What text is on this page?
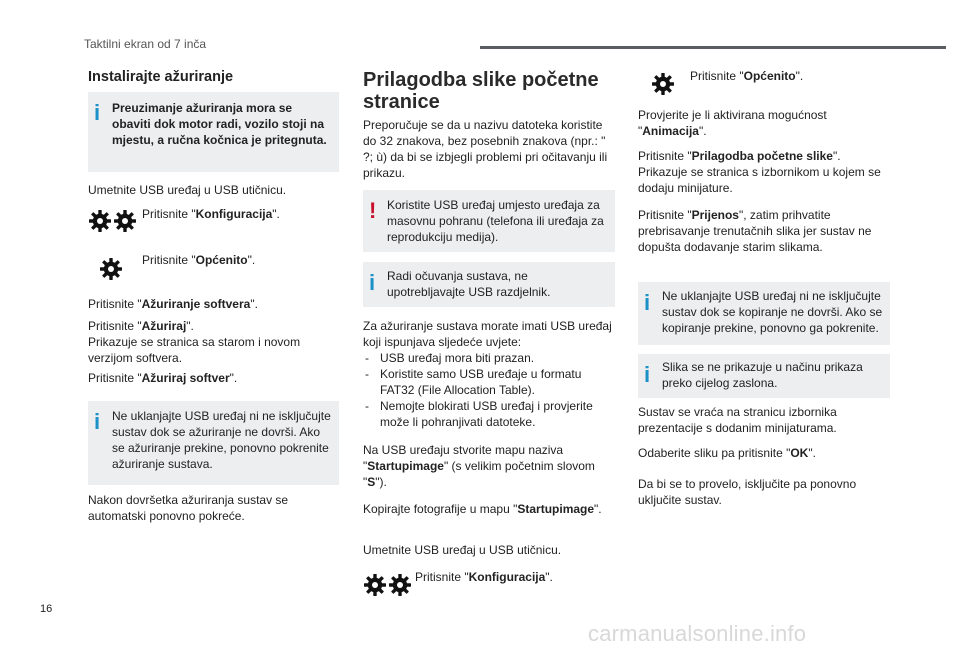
Taktilni ekran od 7 inča
Instalirajte ažuriranje
i Preuzimanje ažuriranja mora se obaviti dok motor radi, vozilo stoji na mjestu, a ručna kočnica je pritegnuta.
Umetnite USB uređaj u USB utičnicu.
Pritisnite "Konfiguracija".
Pritisnite "Općenito".
Pritisnite "Ažuriranje softvera".
Pritisnite "Ažuriraj".
Prikazuje se stranica sa starom i novom verzijom softvera.
Pritisnite "Ažuriraj softver".
i Ne uklanjajte USB uređaj ni ne isključujte sustav dok se ažuriranje ne dovrši. Ako se ažuriranje prekine, ponovno pokrenite ažuriranje sustava.
Nakon dovršetka ažuriranja sustav se automatski ponovno pokreće.
Prilagodba slike početne stranice
Preporučuje se da u nazivu datoteka koristite do 32 znakova, bez posebnih znakova (npr.: " ?; ù) da bi se izbjegli problemi pri očitavanju ili prikazu.
! Koristite USB uređaj umjesto uređaja za masovnu pohranu (telefona ili uređaja za reprodukciju medija).
i Radi očuvanja sustava, ne upotrebljavajte USB razdjelnik.
Za ažuriranje sustava morate imati USB uređaj koji ispunjava sljedeće uvjete:
- USB uređaj mora biti prazan.
- Koristite samo USB uređaje u formatu FAT32 (File Allocation Table).
- Nemojte blokirati USB uređaj i provjerite može li pohranjivati datoteke.
Na USB uređaju stvorite mapu naziva "Startupimage" (s velikim početnim slovom "S").
Kopirajte fotografije u mapu "Startupimage".
Umetnite USB uređaj u USB utičnicu.
Pritisnite "Konfiguracija".
Pritisnite "Općenito".
Provjerite je li aktivirana mogućnost "Animacija".
Pritisnite "Prilagodba početne slike".
Prikazuje se stranica s izbornikom u kojem se dodaju minijature.
Pritisnite "Prijenos", zatim prihvatite prebrisavanje trenutačnih slika jer sustav ne dopušta dodavanje starim slikama.
i Ne uklanjajte USB uređaj ni ne isključujte sustav dok se kopiranje ne dovrši. Ako se kopiranje prekine, ponovno ga pokrenite.
i Slika se ne prikazuje u načinu prikaza preko cijelog zaslona.
Sustav se vraća na stranicu izbornika prezentacije s dodanim minijaturama.
Odaberite sliku pa pritisnite "OK".
Da bi se to provelo, isključite pa ponovno uključite sustav.
16
carmanualsonline.info
